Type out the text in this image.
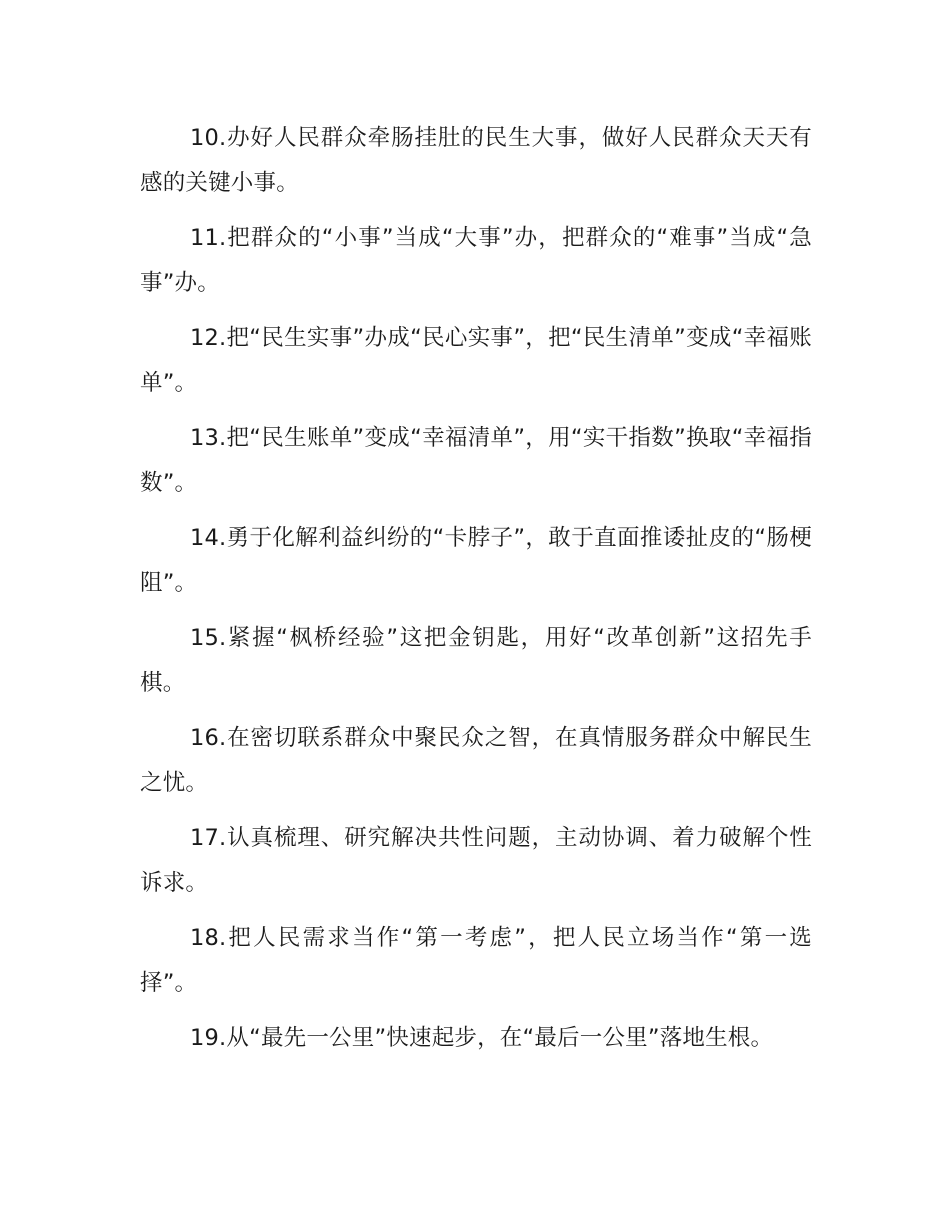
10.办好人民群众牵肠挂肚的民生大事，做好人民群众天天有感的关键小事。

11.把群众的“小事”当成“大事”办，把群众的“难事”当成“急事”办。

12.把“民生实事”办成“民心实事”，把“民生清单”变成“幸福账单”。

13.把“民生账单”变成“幸福清单”，用“实干指数”换取“幸福指数”。

14.勇于化解利益纠纷的“卡脖子”，敢于直面推诿扯皮的“肠梗阻”。

15.紧握“枫桥经验”这把金钥匙，用好“改革创新”这招先手棋。

16.在密切联系群众中聚民众之智，在真情服务群众中解民生之忧。

17.认真梳理、研究解决共性问题，主动协调、着力破解个性诉求。

18.把人民需求当作“第一考虑”，把人民立场当作“第一选择”。

19.从“最先一公里”快速起步，在“最后一公里”落地生根。
